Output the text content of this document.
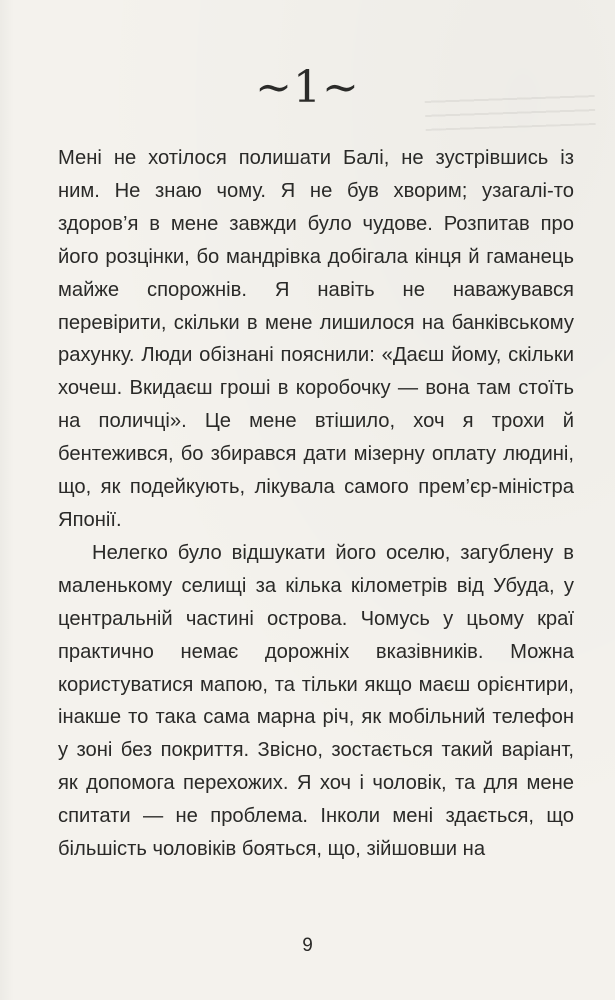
~1~

Мені не хотілося полишати Балі, не зустрівшись із ним. Не знаю чому. Я не був хворим; узагалі-то здоров’я в мене завжди було чудове. Розпитав про його розцінки, бо мандрівка добігала кінця й гаманець майже спорожнів. Я навіть не наважувався перевірити, скільки в мене лишилося на банківському рахунку. Люди обізнані пояснили: «Даєш йому, скільки хочеш. Вкидаєш гроші в коробочку — вона там стоїть на поличці». Це мене втішило, хоч я трохи й бентежився, бо збирався дати мізерну оплату людині, що, як подейкують, лікувала самого прем’єр-міністра Японії.

Нелегко було відшукати його оселю, загублену в маленькому селищі за кілька кілометрів від Убуда, у центральній частині острова. Чомусь у цьому краї практично немає дорожніх вказівників. Можна користуватися мапою, та тільки якщо маєш орієнтири, інакше то така сама марна річ, як мобільний телефон у зоні без покриття. Звісно, зостається такий варіант, як допомога перехожих. Я хоч і чоловік, та для мене спитати — не проблема. Інколи мені здається, що більшість чоловіків бояться, що, зійшовши на

9
